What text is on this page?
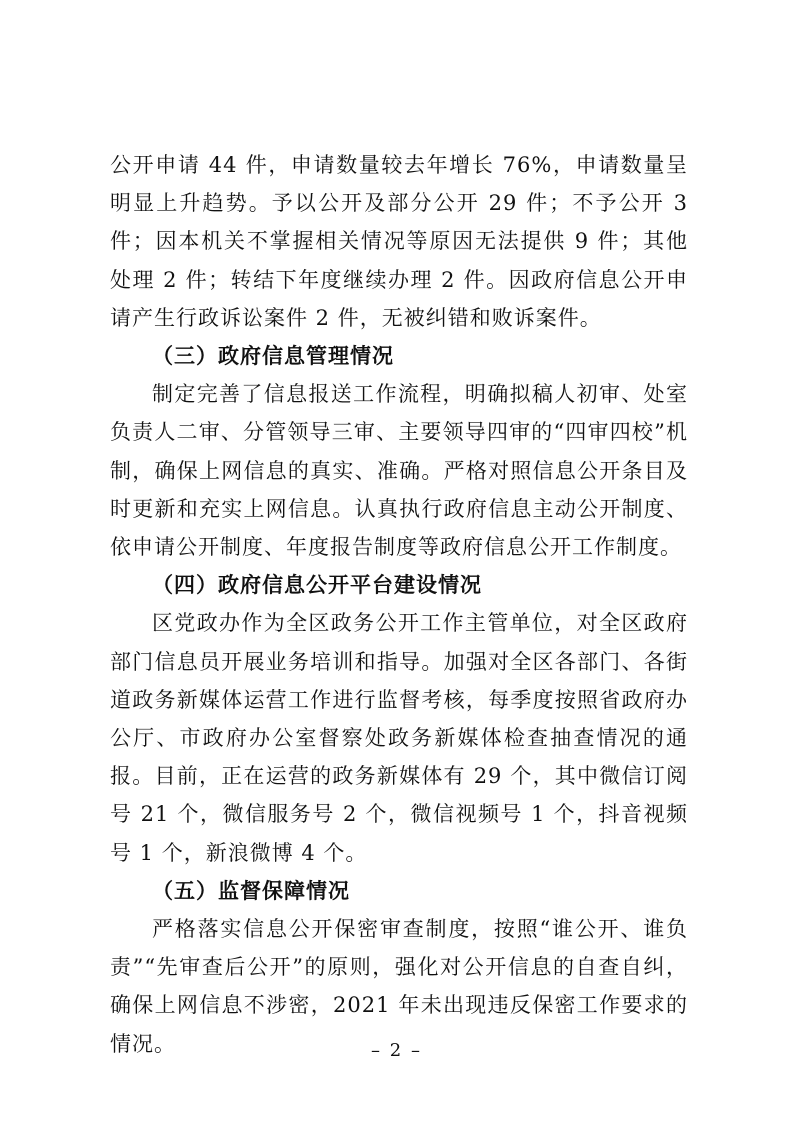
公开申请 44 件，申请数量较去年增长 76%，申请数量呈明显上升趋势。予以公开及部分公开 29 件；不予公开 3 件；因本机关不掌握相关情况等原因无法提供 9 件；其他处理 2 件；转结下年度继续办理 2 件。因政府信息公开申请产生行政诉讼案件 2 件，无被纠错和败诉案件。

（三）政府信息管理情况

制定完善了信息报送工作流程，明确拟稿人初审、处室负责人二审、分管领导三审、主要领导四审的“四审四校”机制，确保上网信息的真实、准确。严格对照信息公开条目及时更新和充实上网信息。认真执行政府信息主动公开制度、依申请公开制度、年度报告制度等政府信息公开工作制度。

（四）政府信息公开平台建设情况

区党政办作为全区政务公开工作主管单位，对全区政府部门信息员开展业务培训和指导。加强对全区各部门、各街道政务新媒体运营工作进行监督考核，每季度按照省政府办公厅、市政府办公室督察处政务新媒体检查抽查情况的通报。目前，正在运营的政务新媒体有 29 个，其中微信订阅号 21 个，微信服务号 2 个，微信视频号 1 个，抖音视频号 1 个，新浪微博 4 个。

（五）监督保障情况

严格落实信息公开保密审查制度，按照“谁公开、谁负责”“先审查后公开”的原则，强化对公开信息的自查自纠，确保上网信息不涉密，2021 年未出现违反保密工作要求的情况。	– 2 –
